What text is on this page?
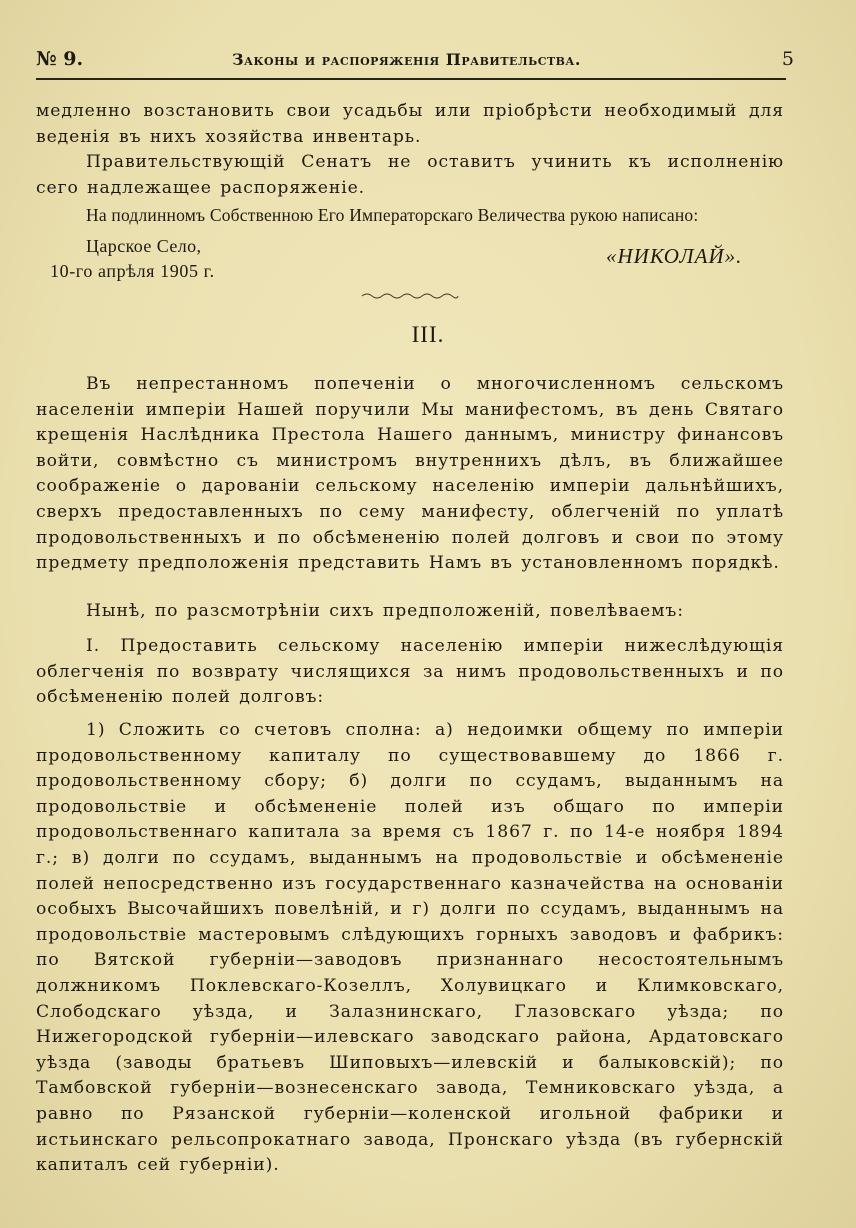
№ 9.	Законы и распоряженія Правительства.	5
медленно возстановить свои усадьбы или пріобрѣсти необходимый для веденія въ нихъ хозяйства инвентарь.
Правительствующій Сенатъ не оставитъ учинить къ исполненію сего надлежащее распоряженіе.
На подлинномъ Собственною Его Императорскаго Величества рукою написано:
Царское Село,
10-го апрѣля 1905 г.
«НИКОЛАЙ».
III.
Въ непрестанномъ попеченіи о многочисленномъ сельскомъ населеніи имперіи Нашей поручили Мы манифестомъ, въ день Святаго крещенія Наслѣдника Престола Нашего даннымъ, министру финансовъ войти, совмѣстно съ министромъ внутреннихъ дѣлъ, въ ближайшее соображеніе о дарованіи сельскому населенію имперіи дальнѣйшихъ, сверхъ предоставленныхъ по сему манифесту, облегченій по уплатѣ продовольственныхъ и по обсѣмененію полей долговъ и свои по этому предмету предположенія представить Намъ въ установленномъ порядкѣ.
Нынѣ, по разсмотрѣніи сихъ предположеній, повелѣваемъ:
I. Предоставить сельскому населенію имперіи нижеслѣдующія облегченія по возврату числящихся за нимъ продовольственныхъ и по обсѣмененію полей долговъ:
1) Сложить со счетовъ сполна: а) недоимки общему по имперіи продовольственному капиталу по существовавшему до 1866 г. продовольственному сбору; б) долги по ссудамъ, выданнымъ на продовольствіе и обсѣмененіе полей изъ общаго по имперіи продовольственнаго капитала за время съ 1867 г. по 14-е ноября 1894 г.; в) долги по ссудамъ, выданнымъ на продовольствіе и обсѣмененіе полей непосредственно изъ государственнаго казначейства на основаніи особыхъ Высочайшихъ повелѣній, и г) долги по ссудамъ, выданнымъ на продовольствіе мастеровымъ слѣдующихъ горныхъ заводовъ и фабрикъ: по Вятской губерніи—заводовъ признаннаго несостоятельнымъ должникомъ Поклевскаго-Козеллъ, Холувицкаго и Климковскаго, Слободскаго уѣзда, и Залазнинскаго, Глазовскаго уѣзда; по Нижегородской губерніи—илевскаго заводскаго района, Ардатовскаго уѣзда (заводы братьевъ Шиповыхъ—илевскій и балыковскій); по Тамбовской губерніи—вознесенскаго завода, Темниковскаго уѣзда, а равно по Рязанской губерніи—коленской игольной фабрики и истьинскаго рельсопрокатнаго завода, Пронскаго уѣзда (въ губернскій капиталъ сей губерніи).
